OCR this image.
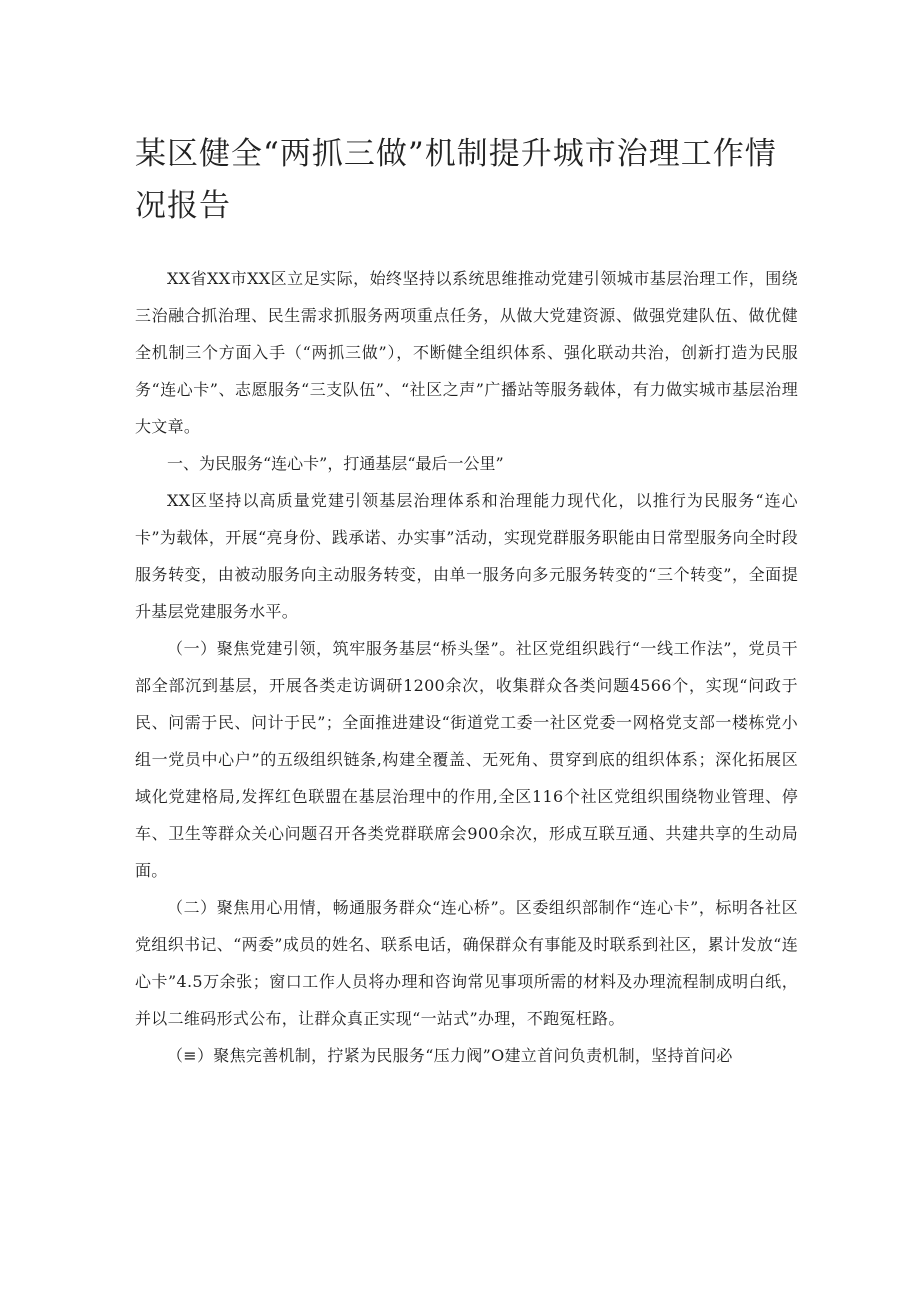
某区健全“两抓三做”机制提升城市治理工作情况报告

XX省XX市XX区立足实际，始终坚持以系统思维推动党建引领城市基层治理工作，围绕三治融合抓治理、民生需求抓服务两项重点任务，从做大党建资源、做强党建队伍、做优健全机制三个方面入手（“两抓三做”），不断健全组织体系、强化联动共治，创新打造为民服务“连心卡”、志愿服务“三支队伍”、“社区之声”广播站等服务载体，有力做实城市基层治理大文章。

一、为民服务“连心卡”，打通基层“最后一公里”

XX区坚持以高质量党建引领基层治理体系和治理能力现代化，以推行为民服务“连心卡”为载体，开展“亮身份、践承诺、办实事”活动，实现党群服务职能由日常型服务向全时段服务转变，由被动服务向主动服务转变，由单一服务向多元服务转变的“三个转变”，全面提升基层党建服务水平。

（一）聚焦党建引领，筑牢服务基层“桥头堡”。社区党组织践行“一线工作法”，党员干部全部沉到基层，开展各类走访调研1200余次，收集群众各类问题4566个，实现“问政于民、问需于民、问计于民”；全面推进建设“街道党工委一社区党委一网格党支部一楼栋党小组一党员中心户”的五级组织链条,构建全覆盖、无死角、贯穿到底的组织体系；深化拓展区域化党建格局,发挥红色联盟在基层治理中的作用,全区116个社区党组织围绕物业管理、停车、卫生等群众关心问题召开各类党群联席会900余次，形成互联互通、共建共享的生动局面。

（二）聚焦用心用情，畅通服务群众“连心桥”。区委组织部制作“连心卡”，标明各社区党组织书记、“两委”成员的姓名、联系电话，确保群众有事能及时联系到社区，累计发放“连心卡”4.5万余张；窗口工作人员将办理和咨询常见事项所需的材料及办理流程制成明白纸，并以二维码形式公布，让群众真正实现“一站式”办理，不跑冤枉路。

（≡）聚焦完善机制，拧紧为民服务“压力阀”O建立首问负责机制，坚持首问必
